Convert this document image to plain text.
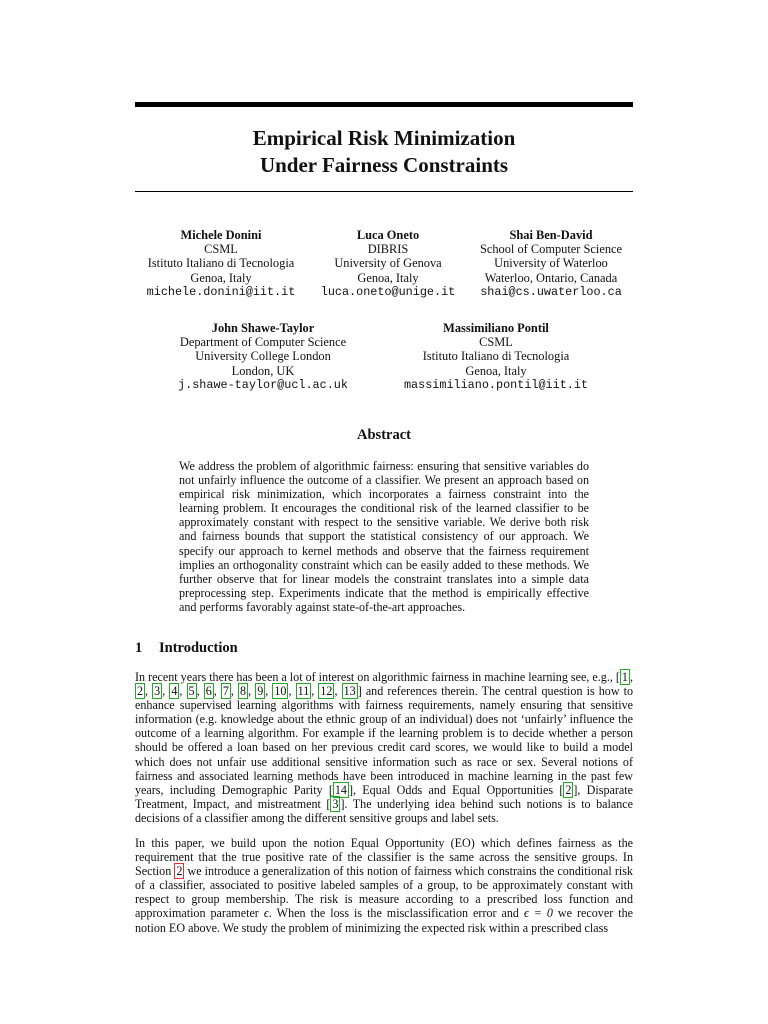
Empirical Risk Minimization
Under Fairness Constraints
Michele Donini
CSML
Istituto Italiano di Tecnologia
Genoa, Italy
michele.donini@iit.it
Luca Oneto
DIBRIS
University of Genova
Genoa, Italy
luca.oneto@unige.it
Shai Ben-David
School of Computer Science
University of Waterloo
Waterloo, Ontario, Canada
shai@cs.uwaterloo.ca
John Shawe-Taylor
Department of Computer Science
University College London
London, UK
j.shawe-taylor@ucl.ac.uk
Massimiliano Pontil
CSML
Istituto Italiano di Tecnologia
Genoa, Italy
massimiliano.pontil@iit.it
Abstract
We address the problem of algorithmic fairness: ensuring that sensitive variables do not unfairly influence the outcome of a classifier. We present an approach based on empirical risk minimization, which incorporates a fairness constraint into the learning problem. It encourages the conditional risk of the learned classifier to be approximately constant with respect to the sensitive variable. We derive both risk and fairness bounds that support the statistical consistency of our approach. We specify our approach to kernel methods and observe that the fairness requirement implies an orthogonality constraint which can be easily added to these methods. We further observe that for linear models the constraint translates into a simple data preprocessing step. Experiments indicate that the method is empirically effective and performs favorably against state-of-the-art approaches.
1 Introduction
In recent years there has been a lot of interest on algorithmic fairness in machine learning see, e.g., [ 1 , 2 , 3 , 4 , 5 , 6 , 7 , 8 , 9 , 10 , 11 , 12 , 13 ] and references therein. The central question is how to enhance supervised learning algorithms with fairness requirements, namely ensuring that sensitive information (e.g. knowledge about the ethnic group of an individual) does not ‘unfairly’ influence the outcome of a learning algorithm. For example if the learning problem is to decide whether a person should be offered a loan based on her previous credit card scores, we would like to build a model which does not unfair use additional sensitive information such as race or sex. Several notions of fairness and associated learning methods have been introduced in machine learning in the past few years, including Demographic Parity [ 14 ], Equal Odds and Equal Opportunities [ 2 ], Disparate Treatment, Impact, and mistreatment [ 3 ]. The underlying idea behind such notions is to balance decisions of a classifier among the different sensitive groups and label sets.
In this paper, we build upon the notion Equal Opportunity (EO) which defines fairness as the requirement that the true positive rate of the classifier is the same across the sensitive groups. In Section 2 we introduce a generalization of this notion of fairness which constrains the conditional risk of a classifier, associated to positive labeled samples of a group, to be approximately constant with respect to group membership. The risk is measure according to a prescribed loss function and approximation parameter ϵ. When the loss is the misclassification error and ϵ = 0 we recover the notion EO above. We study the problem of minimizing the expected risk within a prescribed class
